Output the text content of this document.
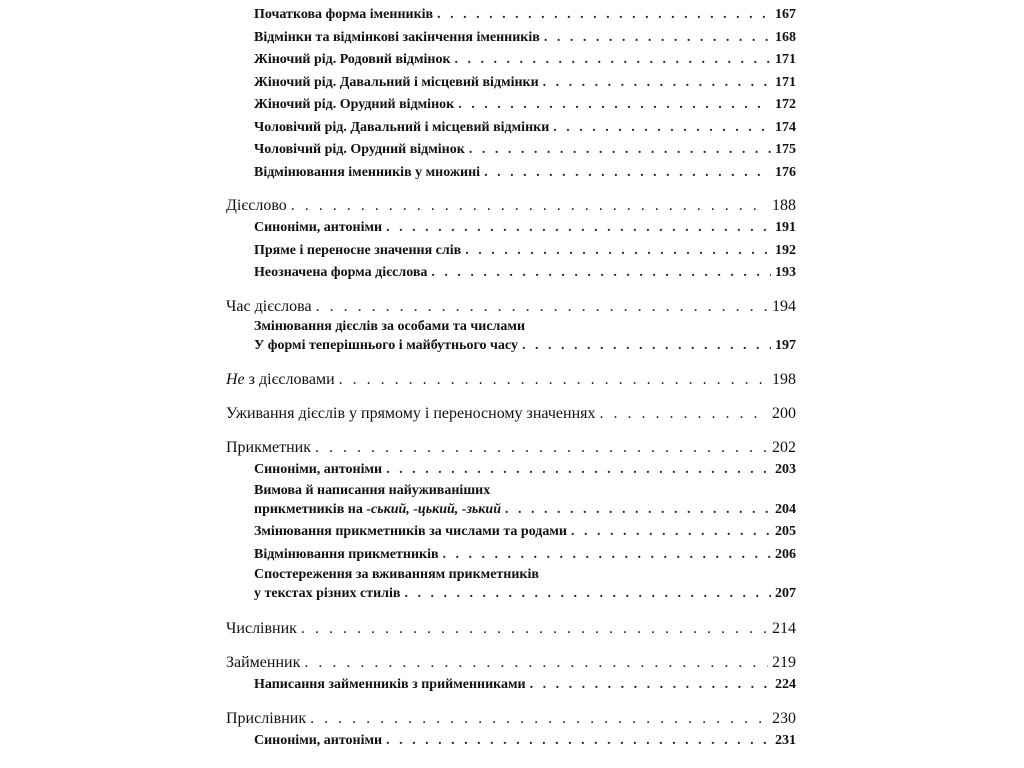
Початкова форма іменників . . .	167
Відмінки та відмінкові закінчення іменників . . .	168
Жіночий рід. Родовий відмінок . . .	171
Жіночий рід. Давальний і місцевий відмінки . . .	171
Жіночий рід. Орудний відмінок . . .	172
Чоловічий рід. Давальний і місцевий відмінки . . .	174
Чоловічий рід. Орудний відмінок . . .	175
Відмінювання іменників у множині . . .	176
Дієслово . . .	188
Синоніми, антоніми . . .	191
Пряме і переносне значення слів . . .	192
Неозначена форма дієслова . . .	193
Час дієслова . . .	194
Змінювання дієслів за особами та числами
У формі теперішнього і майбутнього часу . . .	197
Не з дієсловами . . .	198
Уживання дієслів у прямому і переносному значеннях . . .	200
Прикметник . . .	202
Синоніми, антоніми . . .	203
Вимова й написання найуживаніших
прикметників на -ський, -цький, -зький . . .	204
Змінювання прикметників за числами та родами . . .	205
Відмінювання прикметників . . .	206
Спостереження за вживанням прикметників
у текстах різних стилів . . .	207
Числівник . . .	214
Займенник . . .	219
Написання займенників з прийменниками . . .	224
Прислівник . . .	230
Синоніми, антоніми . . .	231
